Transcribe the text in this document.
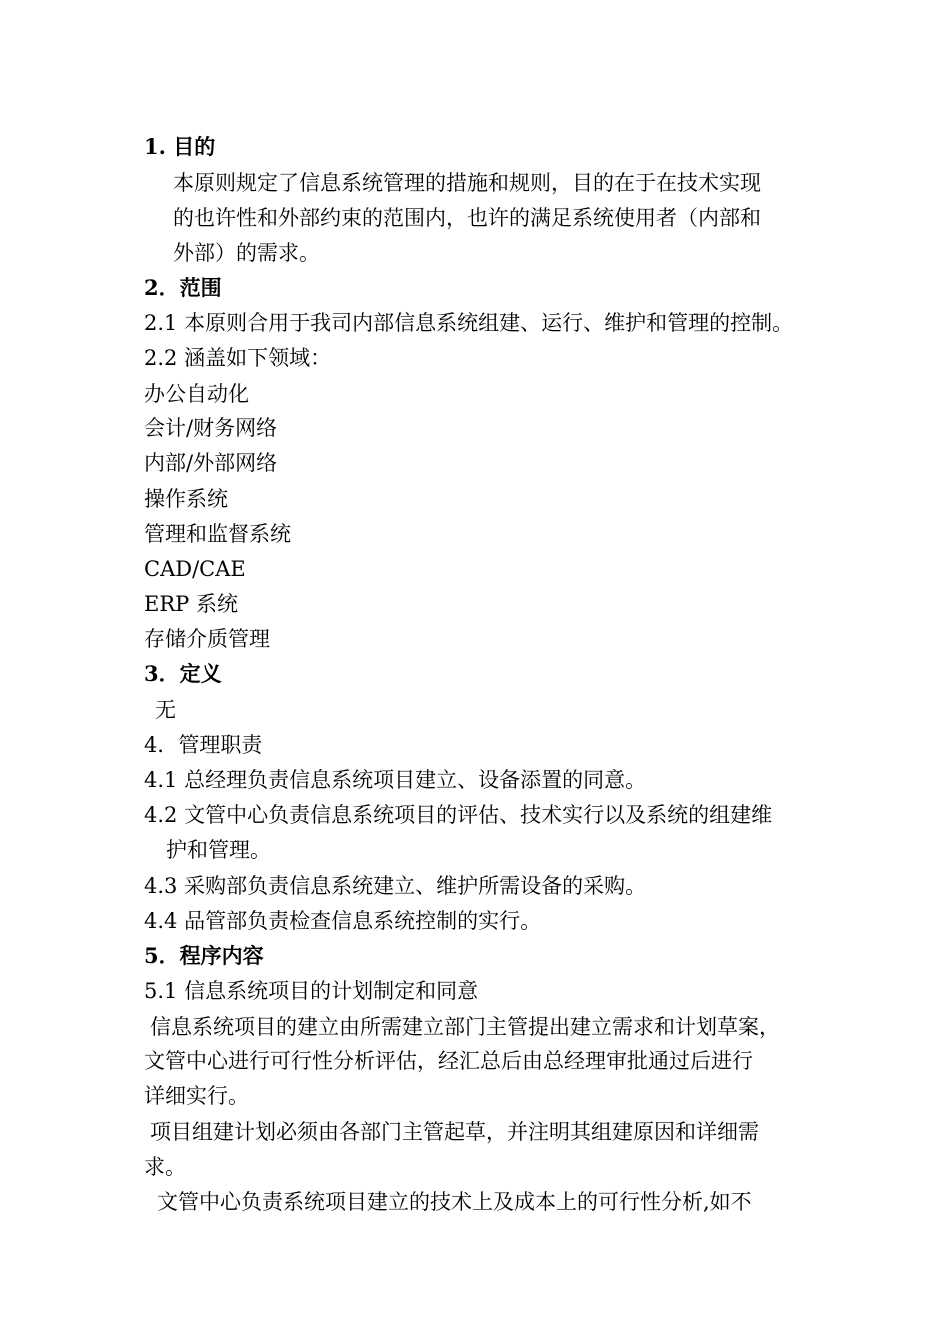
1. 目的
本原则规定了信息系统管理的措施和规则，目的在于在技术实现
的也许性和外部约束的范围内，也许的满足系统使用者（内部和
外部）的需求。
2．范围
2.1 本原则合用于我司内部信息系统组建、运行、维护和管理的控制。
2.2 涵盖如下领域：
办公自动化
会计/财务网络
内部/外部网络
操作系统
管理和监督系统
CAD/CAE
ERP 系统
存储介质管理
3．定义
无
4．管理职责
4.1 总经理负责信息系统项目建立、设备添置的同意。
4.2 文管中心负责信息系统项目的评估、技术实行以及系统的组建维
护和管理。
4.3 采购部负责信息系统建立、维护所需设备的采购。
4.4 品管部负责检查信息系统控制的实行。
5．程序内容
5.1 信息系统项目的计划制定和同意
信息系统项目的建立由所需建立部门主管提出建立需求和计划草案，
文管中心进行可行性分析评估，经汇总后由总经理审批通过后进行
详细实行。
项目组建计划必须由各部门主管起草，并注明其组建原因和详细需
求。
文管中心负责系统项目建立的技术上及成本上的可行性分析,如不
